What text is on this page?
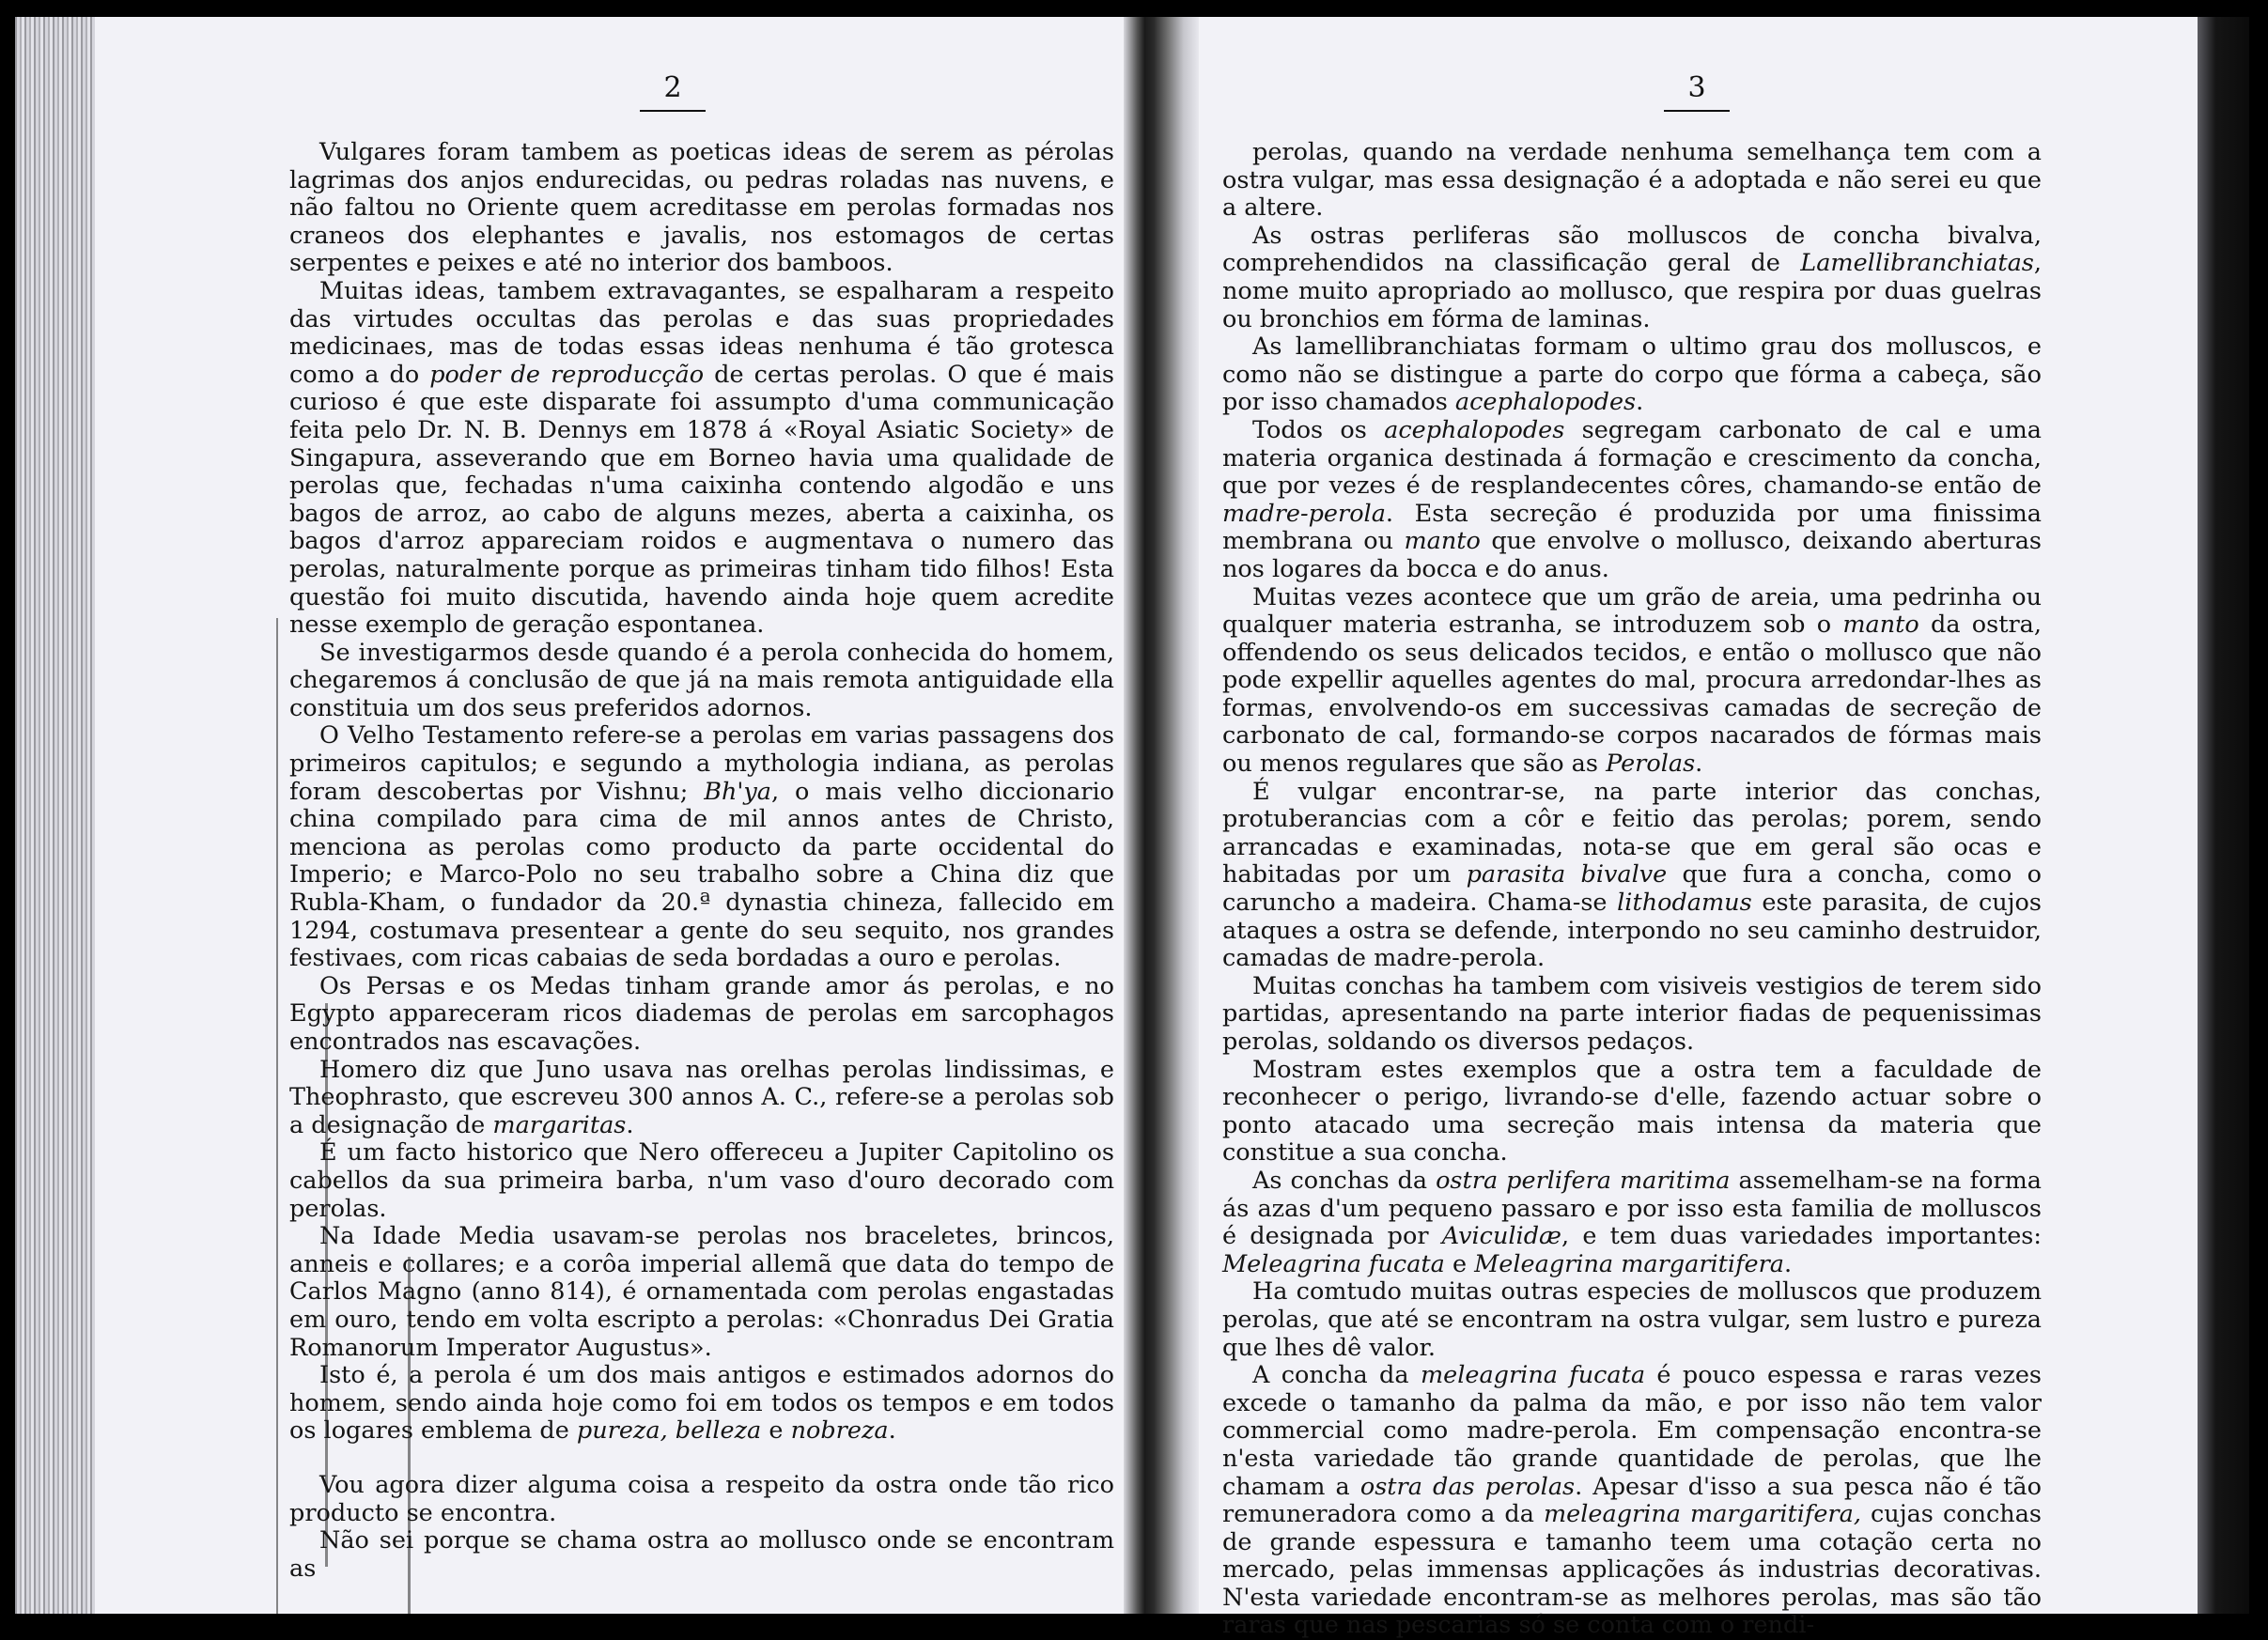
2

Vulgares foram tambem as poeticas ideas de serem as pérolas lagrimas dos anjos endurecidas, ou pedras roladas nas nuvens, e não faltou no Oriente quem acreditasse em perolas formadas nos craneos dos elephantes e javalis, nos estomagos de certas serpentes e peixes e até no interior dos bamboos.

Muitas ideas, tambem extravagantes, se espalharam a respeito das virtudes occultas das perolas e das suas propriedades medicinaes, mas de todas essas ideas nenhuma é tão grotesca como a do poder de reproducção de certas perolas. O que é mais curioso é que este disparate foi assumpto d'uma communicação feita pelo Dr. N. B. Dennys em 1878 á «Royal Asiatic Society» de Singapura, asseverando que em Borneo havia uma qualidade de perolas que, fechadas n'uma caixinha contendo algodão e uns bagos de arroz, ao cabo de alguns mezes, aberta a caixinha, os bagos d'arroz appareciam roidos e augmentava o numero das perolas, naturalmente porque as primeiras tinham tido filhos! Esta questão foi muito discutida, havendo ainda hoje quem acredite nesse exemplo de geração espontanea.

Se investigarmos desde quando é a perola conhecida do homem, chegaremos á conclusão de que já na mais remota antiguidade ella constituia um dos seus preferidos adornos.

O Velho Testamento refere-se a perolas em varias passagens dos primeiros capitulos; e segundo a mythologia indiana, as perolas foram descobertas por Vishnu; Bh'ya, o mais velho diccionario china compilado para cima de mil annos antes de Christo, menciona as perolas como producto da parte occidental do Imperio; e Marco-Polo no seu trabalho sobre a China diz que Rubla-Kham, o fundador da 20.ª dynastia chineza, fallecido em 1294, costumava presentear a gente do seu sequito, nos grandes festivaes, com ricas cabaias de seda bordadas a ouro e perolas.

Os Persas e os Medas tinham grande amor ás perolas, e no Egypto appareceram ricos diademas de perolas em sarcophagos encontrados nas escavações.

Homero diz que Juno usava nas orelhas perolas lindissimas, e Theophrasto, que escreveu 300 annos A. C., refere-se a perolas sob a designação de margaritas.

É um facto historico que Nero offereceu a Jupiter Capitolino os cabellos da sua primeira barba, n'um vaso d'ouro decorado com perolas.

Na Idade Media usavam-se perolas nos braceletes, brincos, anneis e collares; e a corôa imperial allemã que data do tempo de Carlos Magno (anno 814), é ornamentada com perolas engastadas em ouro, tendo em volta escripto a perolas: «Chonradus Dei Gratia Romanorum Imperator Augustus».

Isto é, a perola é um dos mais antigos e estimados adornos do homem, sendo ainda hoje como foi em todos os tempos e em todos os logares emblema de pureza, belleza e nobreza.

Vou agora dizer alguma coisa a respeito da ostra onde tão rico producto se encontra.

Não sei porque se chama ostra ao mollusco onde se encontram as

3

perolas, quando na verdade nenhuma semelhança tem com a ostra vulgar, mas essa designação é a adoptada e não serei eu que a altere.

As ostras perliferas são molluscos de concha bivalva, comprehendidos na classificação geral de Lamellibranchiatas, nome muito apropriado ao mollusco, que respira por duas guelras ou bronchios em fórma de laminas.

As lamellibranchiatas formam o ultimo grau dos molluscos, e como não se distingue a parte do corpo que fórma a cabeça, são por isso chamados acephalopodes.

Todos os acephalopodes segregam carbonato de cal e uma materia organica destinada á formação e crescimento da concha, que por vezes é de resplandecentes côres, chamando-se então de madre-perola. Esta secreção é produzida por uma finissima membrana ou manto que envolve o mollusco, deixando aberturas nos logares da bocca e do anus.

Muitas vezes acontece que um grão de areia, uma pedrinha ou qualquer materia estranha, se introduzem sob o manto da ostra, offendendo os seus delicados tecidos, e então o mollusco que não pode expellir aquelles agentes do mal, procura arredondar-lhes as formas, envolvendo-os em successivas camadas de secreção de carbonato de cal, formando-se corpos nacarados de fórmas mais ou menos regulares que são as Perolas.

É vulgar encontrar-se, na parte interior das conchas, protuberancias com a côr e feitio das perolas; porem, sendo arrancadas e examinadas, nota-se que em geral são ocas e habitadas por um parasita bivalve que fura a concha, como o caruncho a madeira. Chama-se lithodamus este parasita, de cujos ataques a ostra se defende, interpondo no seu caminho destruidor, camadas de madre-perola.

Muitas conchas ha tambem com visiveis vestigios de terem sido partidas, apresentando na parte interior fiadas de pequenissimas perolas, soldando os diversos pedaços.

Mostram estes exemplos que a ostra tem a faculdade de reconhecer o perigo, livrando-se d'elle, fazendo actuar sobre o ponto atacado uma secreção mais intensa da materia que constitue a sua concha.

As conchas da ostra perlifera maritima assemelham-se na forma ás azas d'um pequeno passaro e por isso esta familia de molluscos é designada por Aviculidæ, e tem duas variedades importantes: Meleagrina fucata e Meleagrina margaritifera.

Ha comtudo muitas outras especies de molluscos que produzem perolas, que até se encontram na ostra vulgar, sem lustro e pureza que lhes dê valor.

A concha da meleagrina fucata é pouco espessa e raras vezes excede o tamanho da palma da mão, e por isso não tem valor commercial como madre-perola. Em compensação encontra-se n'esta variedade tão grande quantidade de perolas, que lhe chamam a ostra das perolas. Apesar d'isso a sua pesca não é tão remuneradora como a da meleagrina margaritifera, cujas conchas de grande espessura e tamanho teem uma cotação certa no mercado, pelas immensas applicações ás industrias decorativas. N'esta variedade encontram-se as melhores perolas, mas são tão raras que nas pescarias só se conta com o rendi-
